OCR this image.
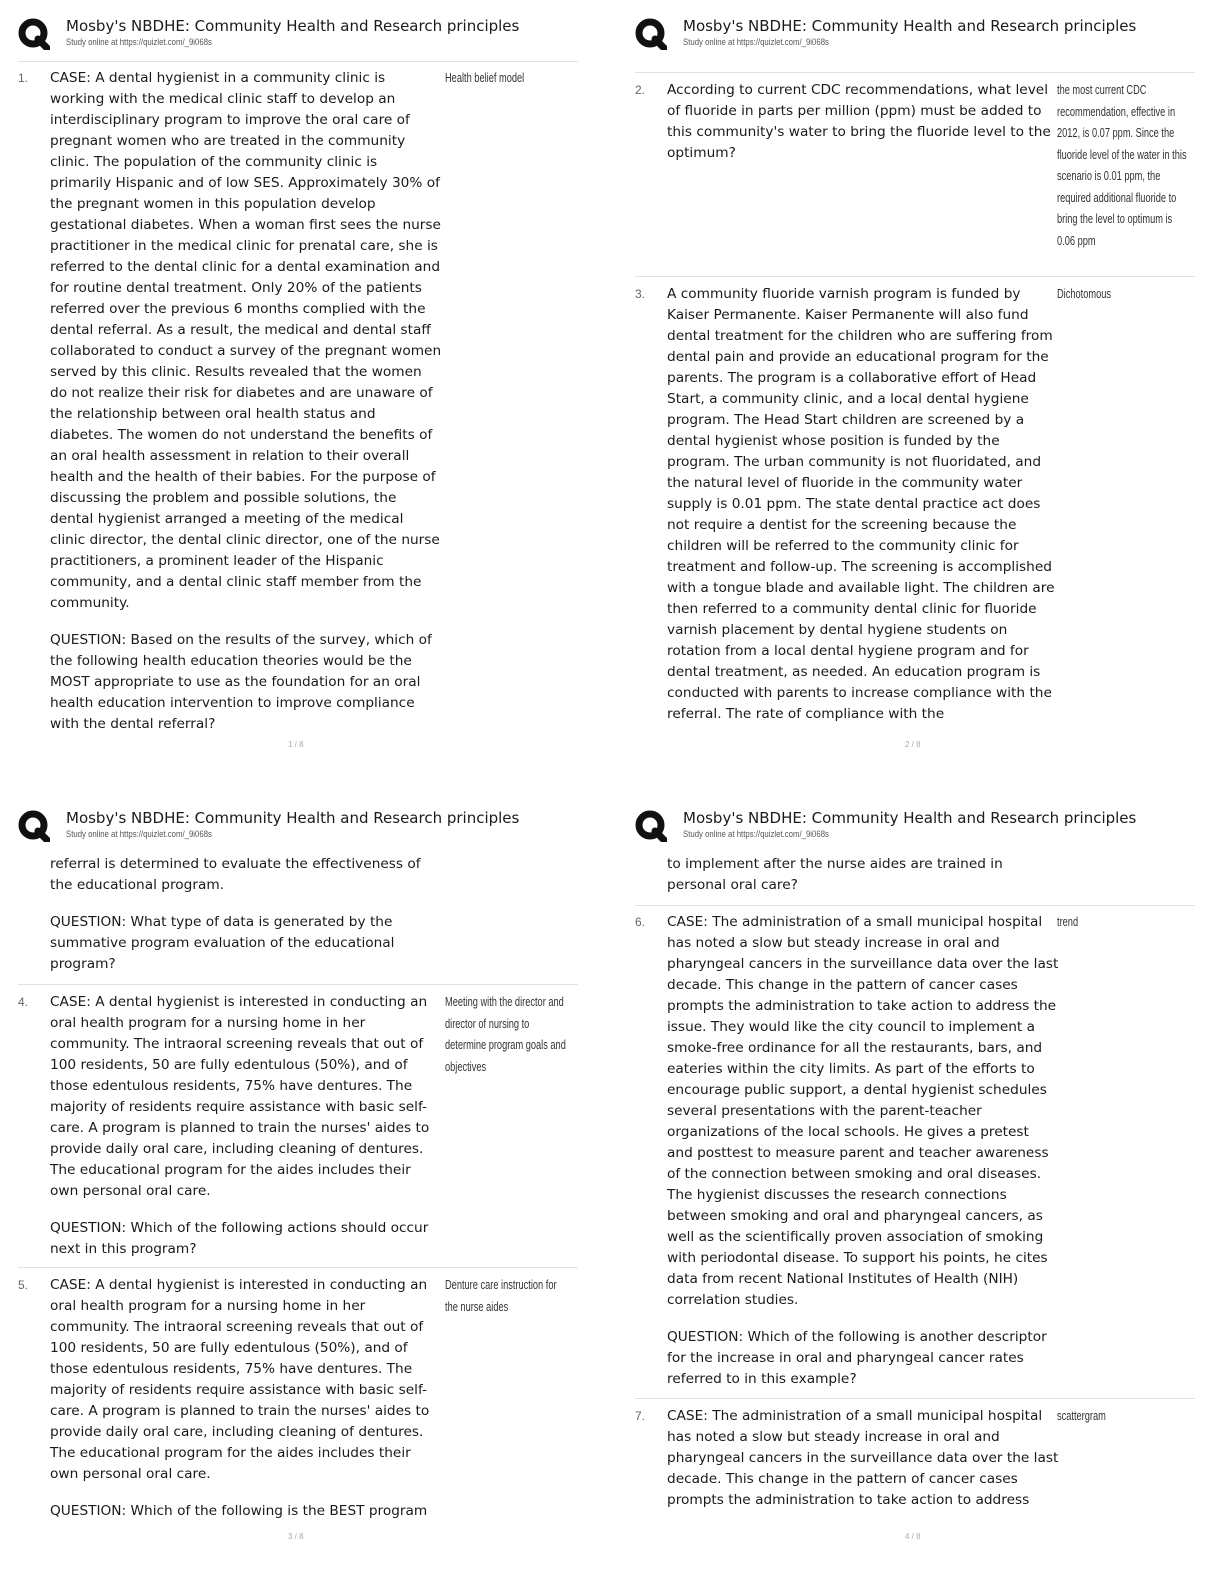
Mosby's NBDHE: Community Health and Research principles
Study online at https://quizlet.com/_9i068s
1.	CASE: A dental hygienist in a community clinic is working with the medical clinic staff to develop an interdisciplinary program to improve the oral care of pregnant women who are treated in the community clinic. The population of the community clinic is primarily Hispanic and of low SES. Approximately 30% of the pregnant women in this population develop gestational diabetes. When a woman first sees the nurse practitioner in the medical clinic for prenatal care, she is referred to the dental clinic for a dental examination and for routine dental treatment. Only 20% of the patients referred over the previous 6 months complied with the dental referral. As a result, the medical and dental staff collaborated to conduct a survey of the pregnant women served by this clinic. Results revealed that the women do not realize their risk for diabetes and are unaware of the relationship between oral health status and diabetes. The women do not understand the benefits of an oral health assessment in relation to their overall health and the health of their babies. For the purpose of discussing the problem and possible solutions, the dental hygienist arranged a meeting of the medical clinic director, the dental clinic director, one of the nurse practitioners, a prominent leader of the Hispanic community, and a dental clinic staff member from the community.

QUESTION: Based on the results of the survey, which of the following health education theories would be the MOST appropriate to use as the foundation for an oral health education intervention to improve compliance with the dental referral?

Health belief model
1 / 8
Mosby's NBDHE: Community Health and Research principles
Study online at https://quizlet.com/_9i068s
2.	According to current CDC recommendations, what level of fluoride in parts per million (ppm) must be added to this community's water to bring the fluoride level to the optimum?

the most current CDC recommendation, effective in 2012, is 0.07 ppm. Since the fluoride level of the water in this scenario is 0.01 ppm, the required additional fluoride to bring the level to optimum is 0.06 ppm
3.	A community fluoride varnish program is funded by Kaiser Permanente. Kaiser Permanente will also fund dental treatment for the children who are suffering from dental pain and provide an educational program for the parents. The program is a collaborative effort of Head Start, a community clinic, and a local dental hygiene program. The Head Start children are screened by a dental hygienist whose position is funded by the program. The urban community is not fluoridated, and the natural level of fluoride in the community water supply is 0.01 ppm. The state dental practice act does not require a dentist for the screening because the children will be referred to the community clinic for treatment and follow-up. The screening is accomplished with a tongue blade and available light. The children are then referred to a community dental clinic for fluoride varnish placement by dental hygiene students on rotation from a local dental hygiene program and for dental treatment, as needed. An education program is conducted with parents to increase compliance with the referral. The rate of compliance with the

Dichotomous
2 / 8
Mosby's NBDHE: Community Health and Research principles
Study online at https://quizlet.com/_9i068s

referral is determined to evaluate the effectiveness of the educational program.

QUESTION: What type of data is generated by the summative program evaluation of the educational program?

4.	CASE: A dental hygienist is interested in conducting an oral health program for a nursing home in her community. The intraoral screening reveals that out of 100 residents, 50 are fully edentulous (50%), and of those edentulous residents, 75% have dentures. The majority of residents require assistance with basic self-care. A program is planned to train the nurses' aides to provide daily oral care, including cleaning of dentures. The educational program for the aides includes their own personal oral care.

QUESTION: Which of the following actions should occur next in this program?

Meeting with the director and director of nursing to determine program goals and objectives
5.	CASE: A dental hygienist is interested in conducting an oral health program for a nursing home in her community. The intraoral screening reveals that out of 100 residents, 50 are fully edentulous (50%), and of those edentulous residents, 75% have dentures. The majority of residents require assistance with basic self-care. A program is planned to train the nurses' aides to provide daily oral care, including cleaning of dentures. The educational program for the aides includes their own personal oral care.

QUESTION: Which of the following is the BEST program

Denture care instruction for the nurse aides
3 / 8
Mosby's NBDHE: Community Health and Research principles
Study online at https://quizlet.com/_9i068s

to implement after the nurse aides are trained in personal oral care?

6.	CASE: The administration of a small municipal hospital has noted a slow but steady increase in oral and pharyngeal cancers in the surveillance data over the last decade. This change in the pattern of cancer cases prompts the administration to take action to address the issue. They would like the city council to implement a smoke-free ordinance for all the restaurants, bars, and eateries within the city limits. As part of the efforts to encourage public support, a dental hygienist schedules several presentations with the parent-teacher organizations of the local schools. He gives a pretest and posttest to measure parent and teacher awareness of the connection between smoking and oral diseases. The hygienist discusses the research connections between smoking and oral and pharyngeal cancers, as well as the scientifically proven association of smoking with periodontal disease. To support his points, he cites data from recent National Institutes of Health (NIH) correlation studies.

QUESTION: Which of the following is another descriptor for the increase in oral and pharyngeal cancer rates referred to in this example?

trend
7.	CASE: The administration of a small municipal hospital has noted a slow but steady increase in oral and pharyngeal cancers in the surveillance data over the last decade. This change in the pattern of cancer cases prompts the administration to take action to address

scattergram
4 / 8
